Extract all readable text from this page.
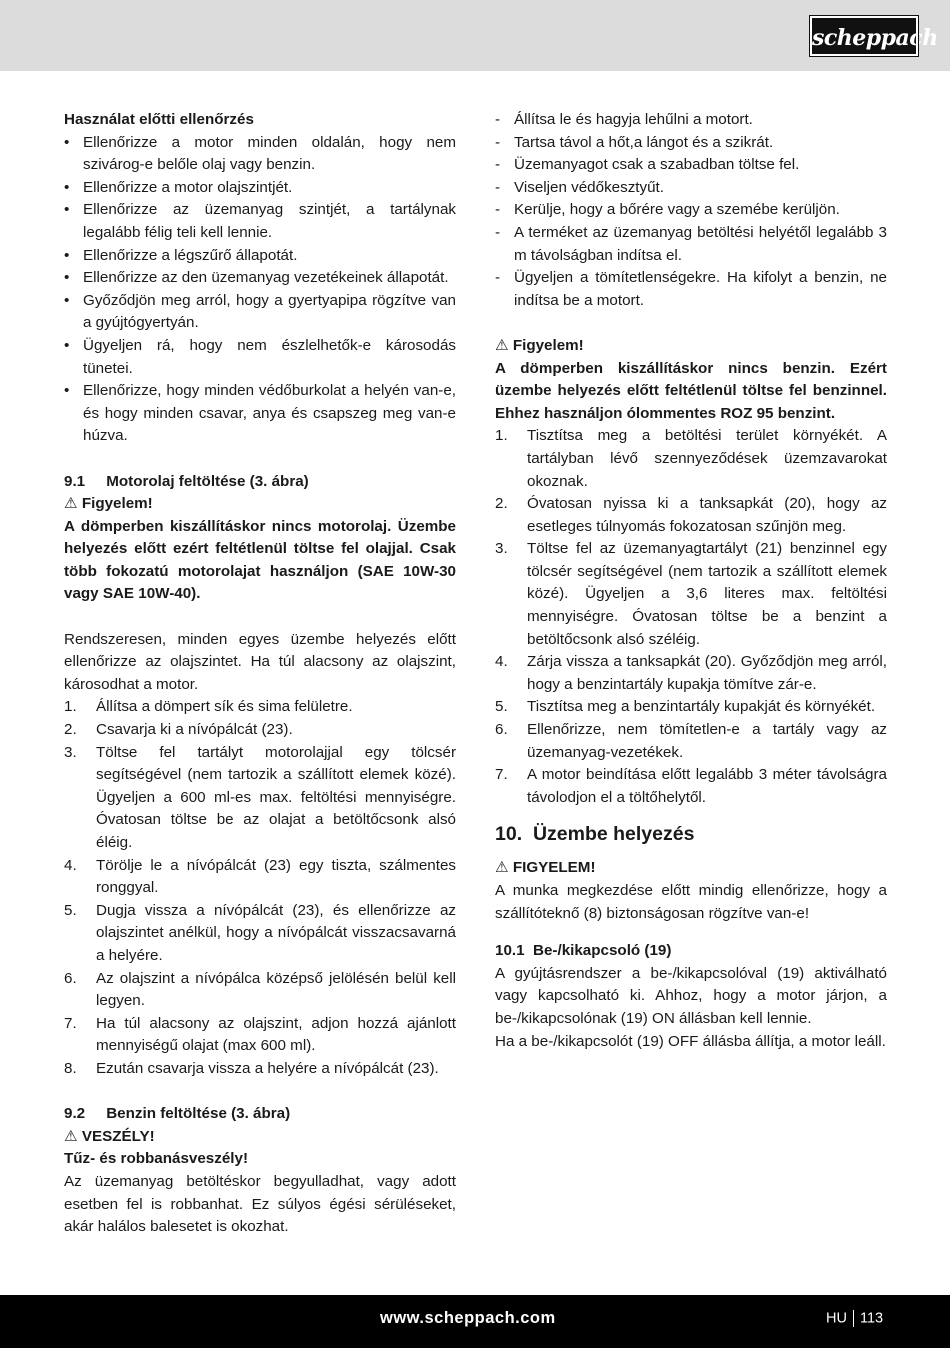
scheppach
Használat előtti ellenőrzés
• Ellenőrizze a motor minden oldalán, hogy nem szivárog-e belőle olaj vagy benzin.
• Ellenőrizze a motor olajszintjét.
• Ellenőrizze az üzemanyag szintjét, a tartálynak legalább félig teli kell lennie.
• Ellenőrizze a légszűrő állapotát.
• Ellenőrizze az den üzemanyag vezetékeinek állapotát.
• Győződjön meg arról, hogy a gyertyapipa rögzítve van a gyújtógyertyán.
• Ügyeljen rá, hogy nem észlelhetők-e károsodás tünetei.
• Ellenőrizze, hogy minden védőburkolat a helyén van-e, és hogy minden csavar, anya és csapszeg meg van-e húzva.
9.1     Motorolaj feltöltése (3. ábra)
⚠ Figyelem!
A dömperben kiszállításkor nincs motorolaj. Üzembe helyezés előtt ezért feltétlenül töltse fel olajjal. Csak több fokozatú motorolajat használjon (SAE 10W-30 vagy SAE 10W-40).
Rendszeresen, minden egyes üzembe helyezés előtt ellenőrizze az olajszintet. Ha túl alacsony az olajszint, károsodhat a motor.
1. Állítsa a dömpert sík és sima felületre.
2. Csavarja ki a nívópálcát (23).
3. Töltse fel tartályt motorolajjal egy tölcsér segítségével (nem tartozik a szállított elemek közé). Ügyeljen a 600 ml-es max. feltöltési mennyiségre. Óvatosan töltse be az olajat a betöltőcsonk alsó éléig.
4. Törölje le a nívópálcát (23) egy tiszta, szálmentes ronggyal.
5. Dugja vissza a nívópálcát (23), és ellenőrizze az olajszintet anélkül, hogy a nívópálcát visszacsavarná a helyére.
6. Az olajszint a nívópálca középső jelölésén belül kell legyen.
7. Ha túl alacsony az olajszint, adjon hozzá ajánlott mennyiségű olajat (max 600 ml).
8. Ezután csavarja vissza a helyére a nívópálcát (23).
9.2     Benzin feltöltése (3. ábra)
⚠ VESZÉLY!
Tűz- és robbanásveszély!
Az üzemanyag betöltéskor begyulladhat, vagy adott esetben fel is robbanhat. Ez súlyos égési sérüléseket, akár halálos balesetet is okozhat.
- Állítsa le és hagyja lehűlni a motort.
- Tartsa távol a hőt,a lángot és a szikrát.
- Üzemanyagot csak a szabadban töltse fel.
- Viseljen védőkesztyűt.
- Kerülje, hogy a bőrére vagy a szemébe kerüljön.
- A terméket az üzemanyag betöltési helyétől legalább 3 m távolságban indítsa el.
- Ügyeljen a tömítetlenségekre. Ha kifolyt a benzin, ne indítsa be a motort.
⚠ Figyelem!
A dömperben kiszállításkor nincs benzin. Ezért üzembe helyezés előtt feltétlenül töltse fel benzinnel. Ehhez használjon ólommentes ROZ 95 benzint.
1. Tisztítsa meg a betöltési terület környékét. A tartályban lévő szennyeződések üzemzavarokat okoznak.
2. Óvatosan nyissa ki a tanksapkát (20), hogy az esetleges túlnyomás fokozatosan szűnjön meg.
3. Töltse fel az üzemanyagtartályt (21) benzinnel egy tölcsér segítségével (nem tartozik a szállított elemek közé). Ügyeljen a 3,6 literes max. feltöltési mennyiségre. Óvatosan töltse be a benzint a betöltőcsonk alsó széléig.
4. Zárja vissza a tanksapkát (20). Győződjön meg arról, hogy a benzintartály kupakja tömítve zár-e.
5. Tisztítsa meg a benzintartály kupakját és környékét.
6. Ellenőrizze, nem tömítetlen-e a tartály vagy az üzemanyag-vezetékek.
7. A motor beindítása előtt legalább 3 méter távolságra távolodjon el a töltőhelytől.
10.  Üzembe helyezés
⚠ FIGYELEM!
A munka megkezdése előtt mindig ellenőrizze, hogy a szállítóteknő (8) biztonságosan rögzítve van-e!
10.1  Be-/kikapcsoló (19)
A gyújtásrendszer a be-/kikapcsolóval (19) aktiválható vagy kapcsolható ki. Ahhoz, hogy a motor járjon, a be-/kikapcsolónak (19) ON állásban kell lennie.
Ha a be-/kikapcsolót (19) OFF állásba állítja, a motor leáll.
www.scheppach.com	HU 113
